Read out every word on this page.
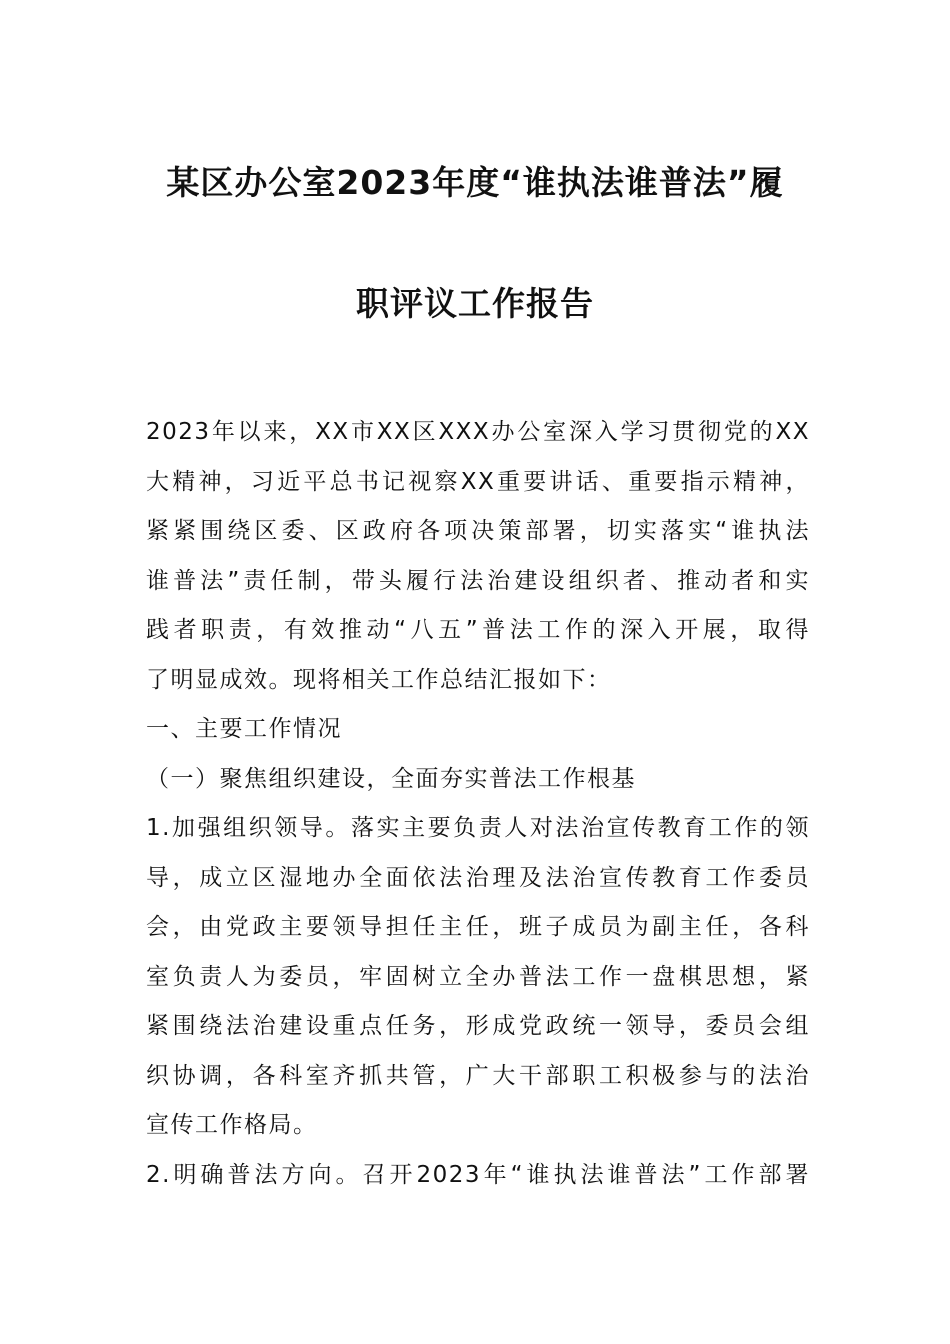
某区办公室2023年度“谁执法谁普法”履
职评议工作报告
2023年以来，XX市XX区XXX办公室深入学习贯彻党的XX
大精神，习近平总书记视察XX重要讲话、重要指示精神，
紧紧围绕区委、区政府各项决策部署，切实落实“谁执法
谁普法”责任制，带头履行法治建设组织者、推动者和实
践者职责，有效推动“八五”普法工作的深入开展，取得
了明显成效。现将相关工作总结汇报如下：
一、主要工作情况
（一）聚焦组织建设，全面夯实普法工作根基
1.加强组织领导。落实主要负责人对法治宣传教育工作的领
导，成立区湿地办全面依法治理及法治宣传教育工作委员
会，由党政主要领导担任主任，班子成员为副主任，各科
室负责人为委员，牢固树立全办普法工作一盘棋思想，紧
紧围绕法治建设重点任务，形成党政统一领导，委员会组
织协调，各科室齐抓共管，广大干部职工积极参与的法治
宣传工作格局。
2.明确普法方向。召开2023年“谁执法谁普法”工作部署
